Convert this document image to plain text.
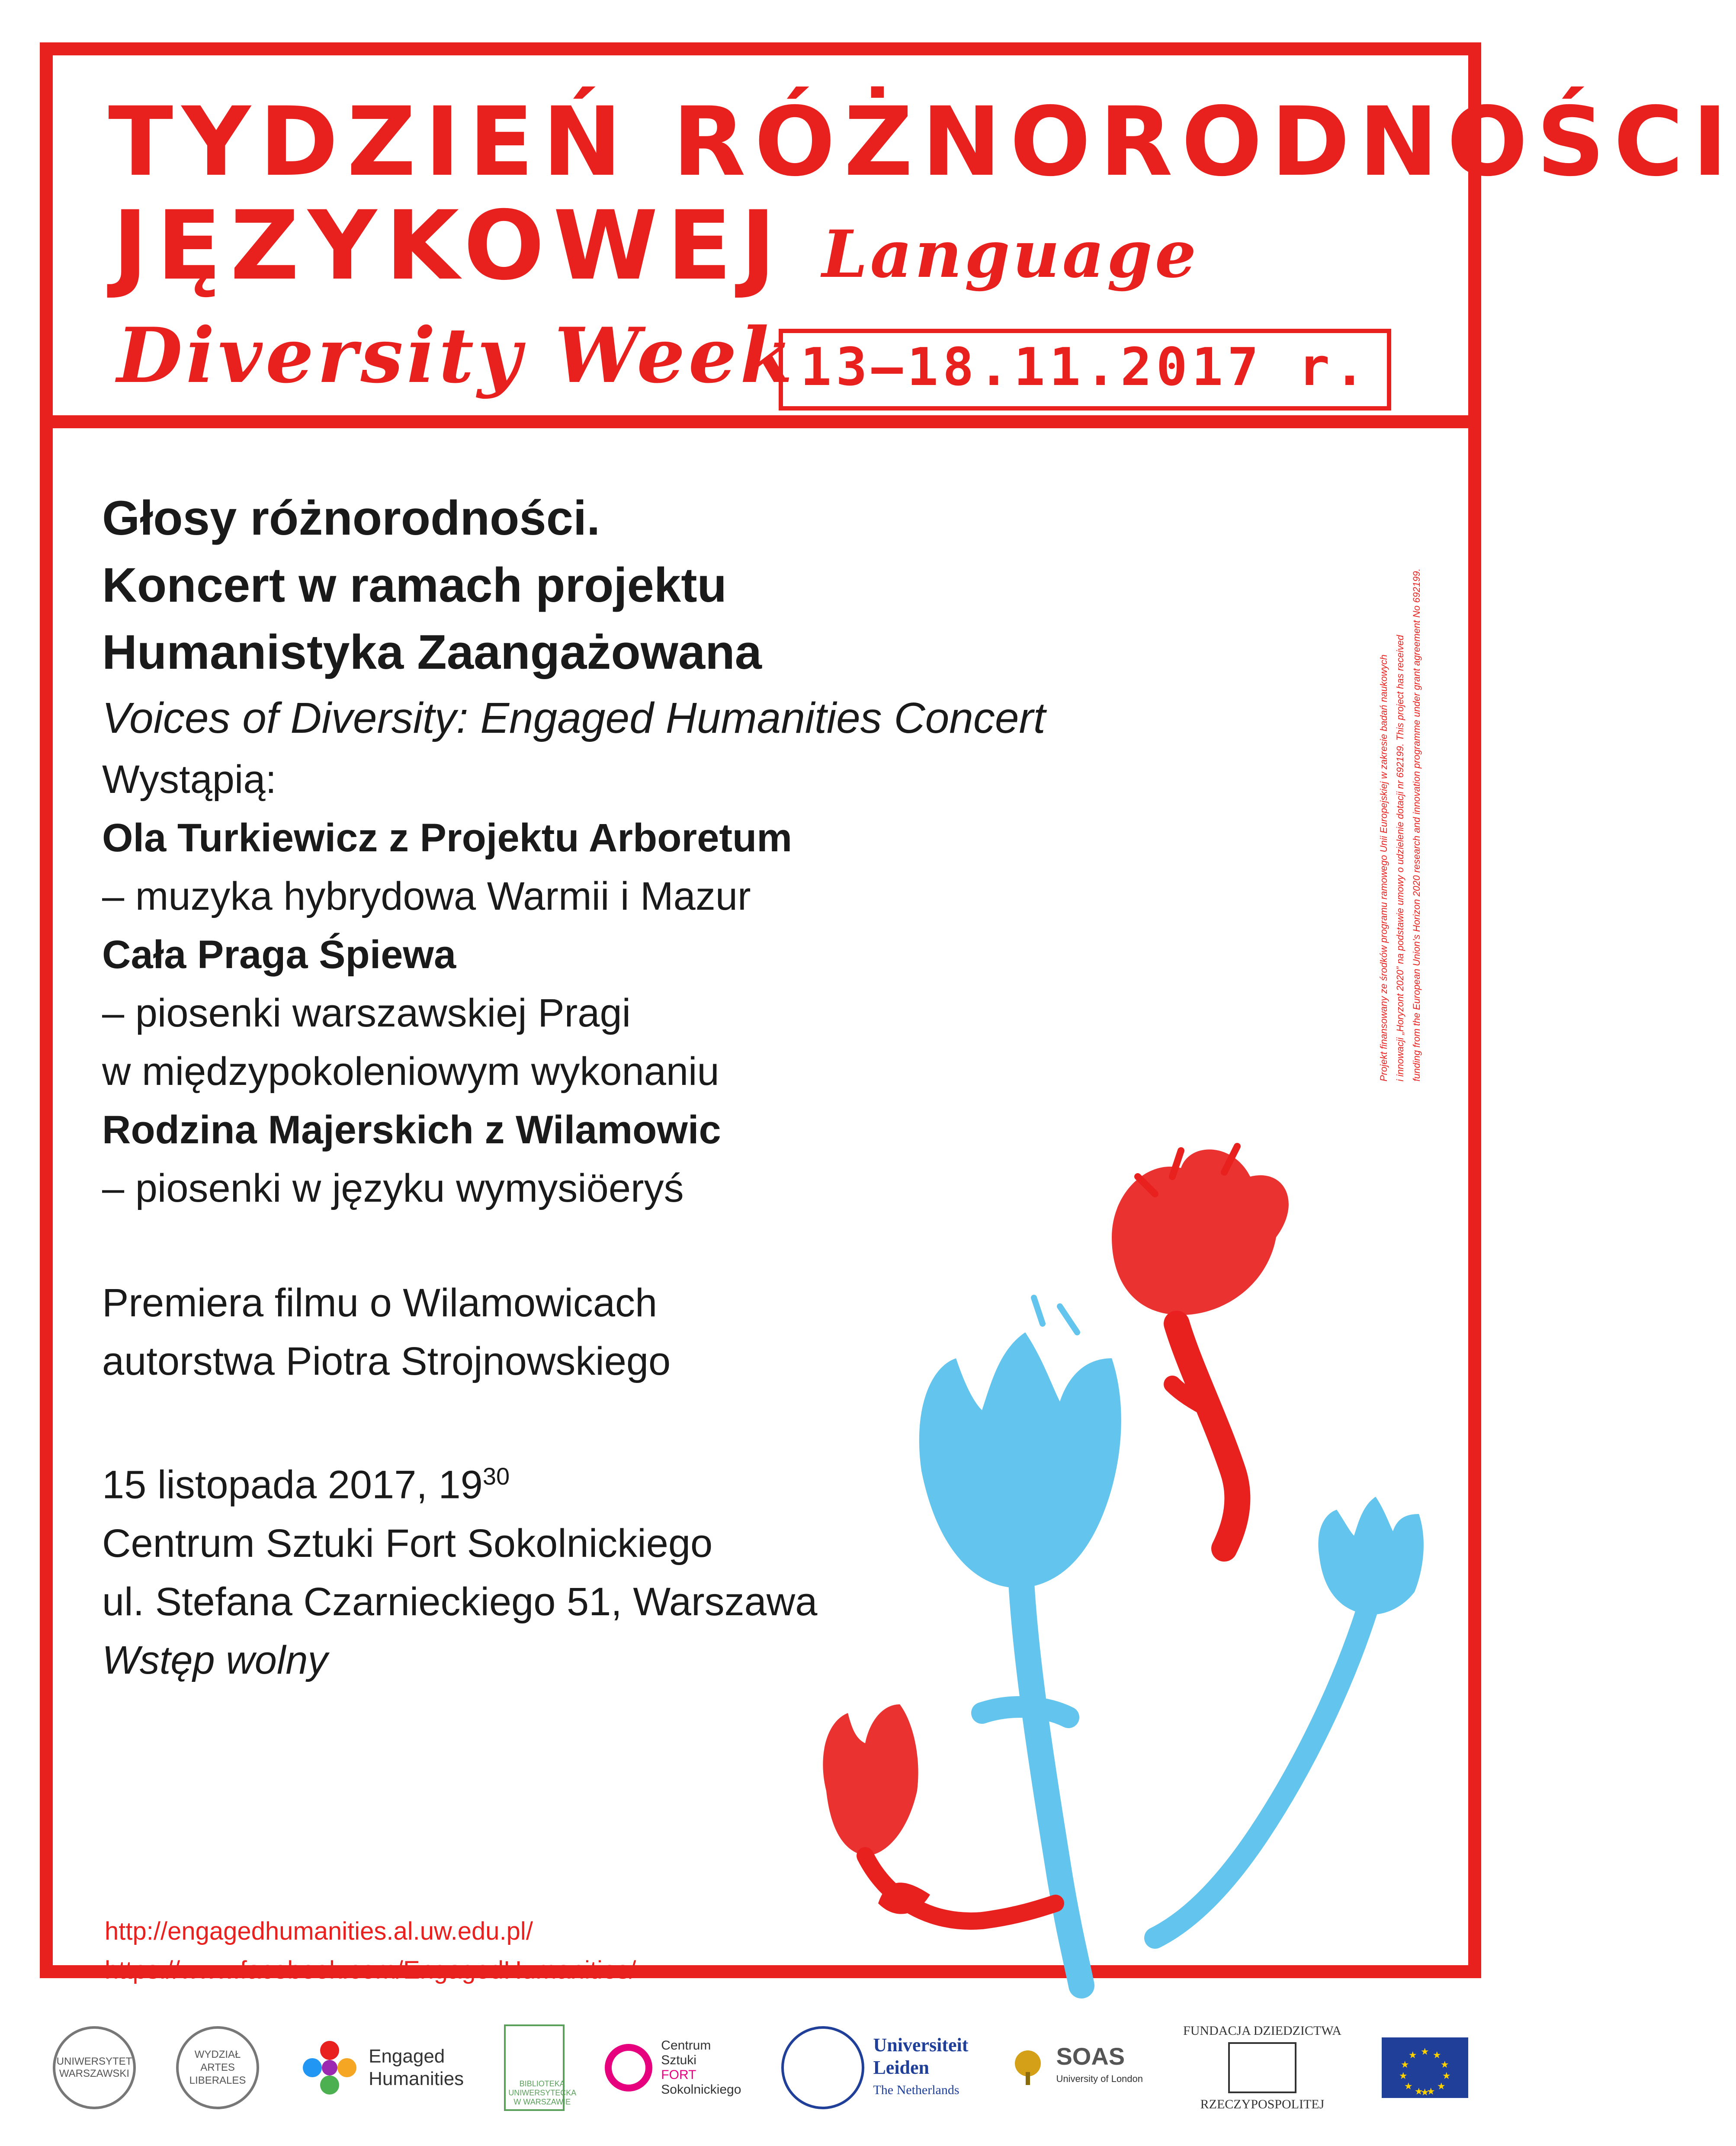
TYDZIEŃ RÓŻNORODNOŚCI
JĘZYKOWEJ Language
Diversity Week 13–18.11.2017 r.

Głosy różnorodności.

Koncert w ramach projektu

Humanistyka Zaangażowana

Voices of Diversity: Engaged Humanities Concert

Wystąpią:

Ola Turkiewicz z Projektu Arboretum

– muzyka hybrydowa Warmii i Mazur

Cała Praga Śpiewa

– piosenki warszawskiej Pragi

w międzypokoleniowym wykonaniu

Rodzina Majerskich z Wilamowic

– piosenki w języku wymysiöeryś

Premiera filmu o Wilamowicach

autorstwa Piotra Strojnowskiego

15 listopada 2017, $19^{30}$

Centrum Sztuki Fort Sokolnickiego

ul. Stefana Czarnieckiego 51, Warszawa

Wstęp wolny

http://engagedhumanities.al.uw.edu.pl/
https://www.facebook.com/EngagedHumanities/
Projekt finansowany ze środków programu ramowego Unii Europejskiej w zakresie badań naukowych i innowacji „Horyzont 2020” na podstawie umowy o udzielenie dotacji nr 692199. This project has received funding from the European Union’s Horizon 2020 research and innovation programme under grant agreement No 692199.
UNIWERSYTET WARSZAWSKI
WYDZIAŁ
ARTES LIBERALES
Engaged
Humanities	BIBLIOTEKA UNIWERSYTECKA W WARSZAWIE
Centrum
Sztuki
FORT
Sokolnickiego
Universiteit
Leiden
The Netherlands
SOAS
University of London
FUNDACJA DZIEDZICTWA
RZECZYPOSPOLITEJ
★ ★
★
★
★
★
★
★
★
★
★
★
